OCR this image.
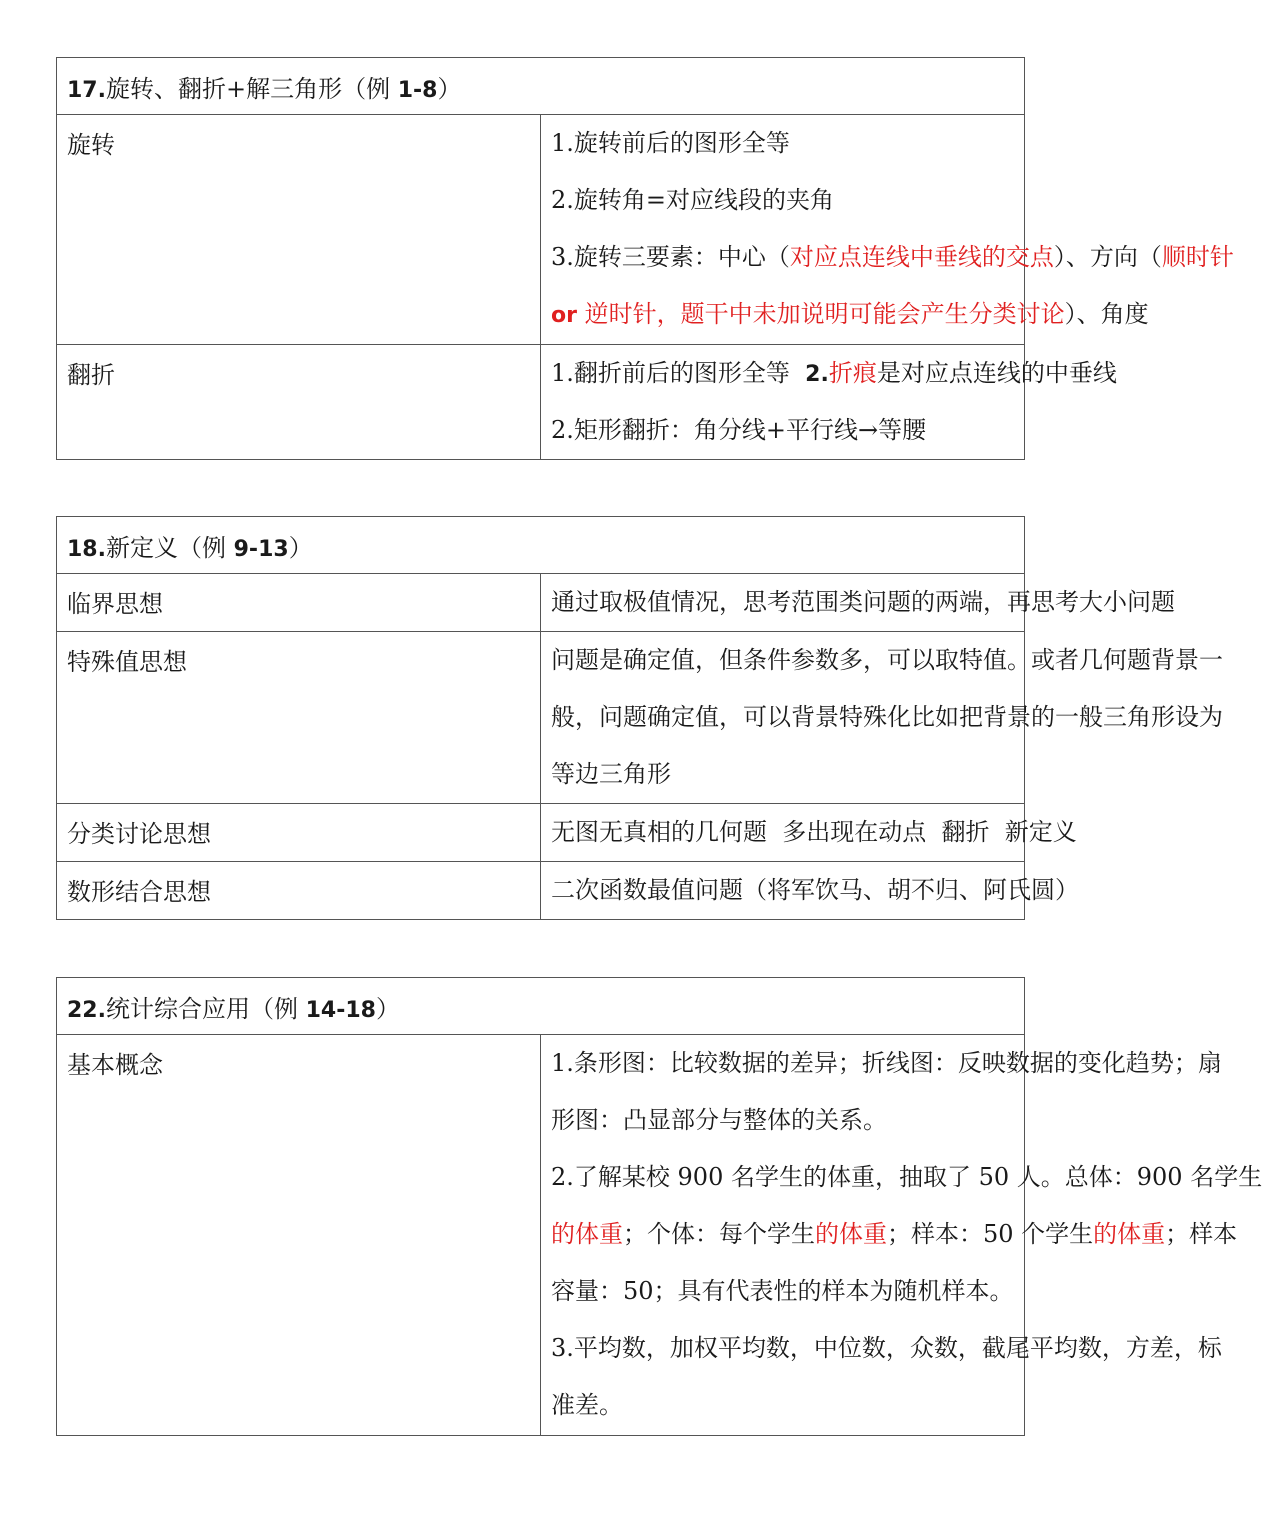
17.旋转、翻折+解三角形（例 1-8）	
旋转	1.旋转前后的图形全等
2.旋转角=对应线段的夹角
3.旋转三要素：中心（对应点连线中垂线的交点）、方向（顺时针
or 逆时针，题干中未加说明可能会产生分类讨论）、角度

翻折	1.翻折前后的图形全等  2.折痕是对应点连线的中垂线
2.矩形翻折：角分线+平行线→等腰
18.新定义（例 9-13）	
临界思想	通过取极值情况，思考范围类问题的两端，再思考大小问题

特殊值思想	问题是确定值，但条件参数多，可以取特值。或者几何题背景一
般，问题确定值，可以背景特殊化比如把背景的一般三角形设为
等边三角形

分类讨论思想	无图无真相的几何题  多出现在动点  翻折  新定义

数形结合思想	二次函数最值问题（将军饮马、胡不归、阿氏圆）
22.统计综合应用（例 14-18）
基本概念	1.条形图：比较数据的差异；折线图：反映数据的变化趋势；扇
形图：凸显部分与整体的关系。
2.了解某校 900 名学生的体重，抽取了 50 人。总体：900 名学生
的体重；个体：每个学生的体重；样本：50 个学生的体重；样本
容量：50；具有代表性的样本为随机样本。
3.平均数，加权平均数，中位数，众数，截尾平均数，方差，标
准差。
